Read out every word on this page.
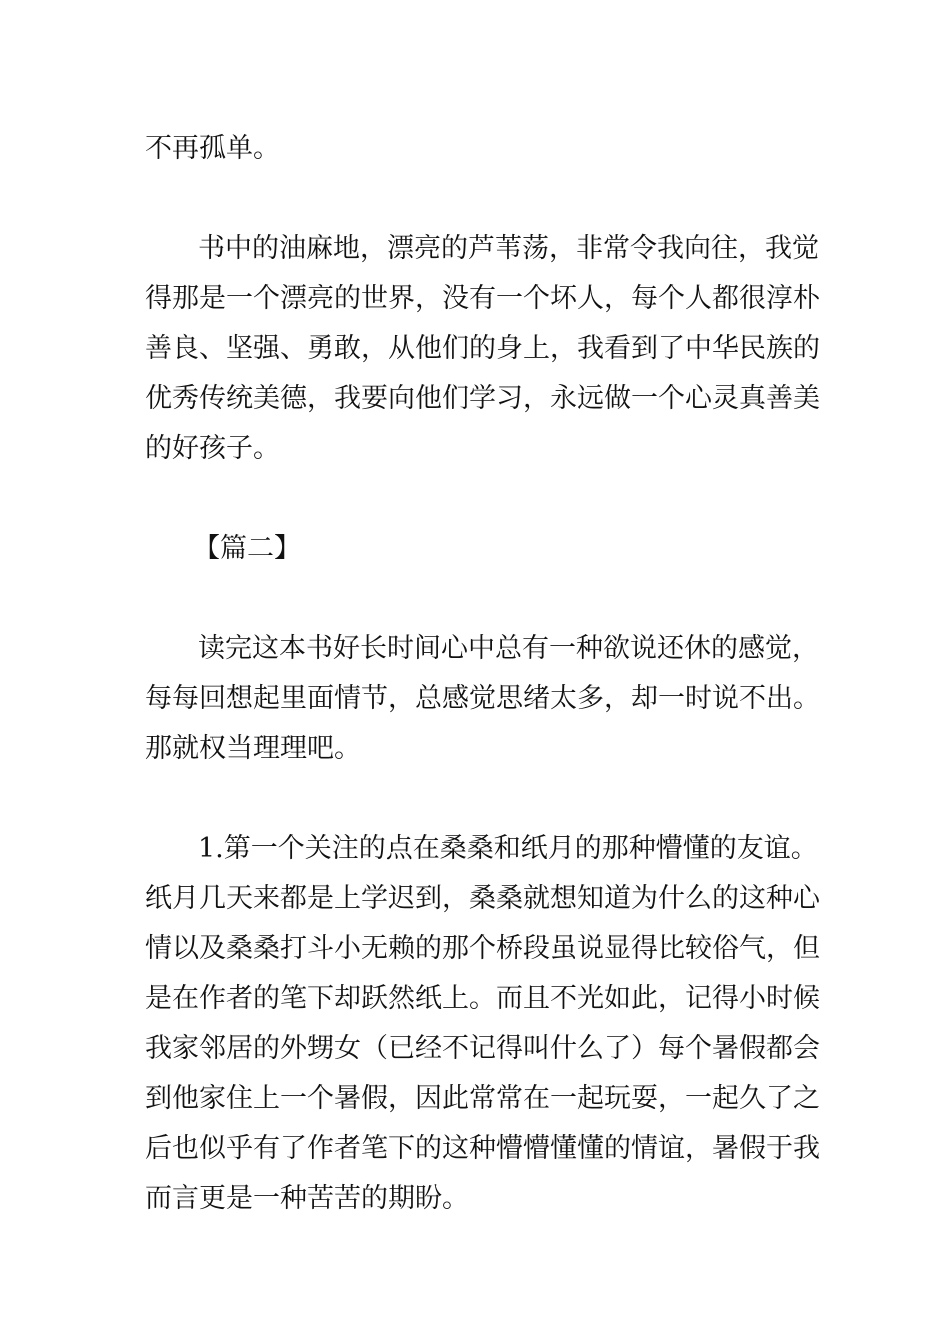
不再孤单。
书中的油麻地，漂亮的芦苇荡，非常令我向往，我觉
得那是一个漂亮的世界，没有一个坏人，每个人都很淳朴
善良、坚强、勇敢，从他们的身上，我看到了中华民族的
优秀传统美德，我要向他们学习，永远做一个心灵真善美
的好孩子。
【篇二】
读完这本书好长时间心中总有一种欲说还休的感觉，
每每回想起里面情节，总感觉思绪太多，却一时说不出。
那就权当理理吧。
1.第一个关注的点在桑桑和纸月的那种懵懂的友谊。
纸月几天来都是上学迟到，桑桑就想知道为什么的这种心
情以及桑桑打斗小无赖的那个桥段虽说显得比较俗气，但
是在作者的笔下却跃然纸上。而且不光如此，记得小时候
我家邻居的外甥女（已经不记得叫什么了）每个暑假都会
到他家住上一个暑假，因此常常在一起玩耍，一起久了之
后也似乎有了作者笔下的这种懵懵懂懂的情谊，暑假于我
而言更是一种苦苦的期盼。
